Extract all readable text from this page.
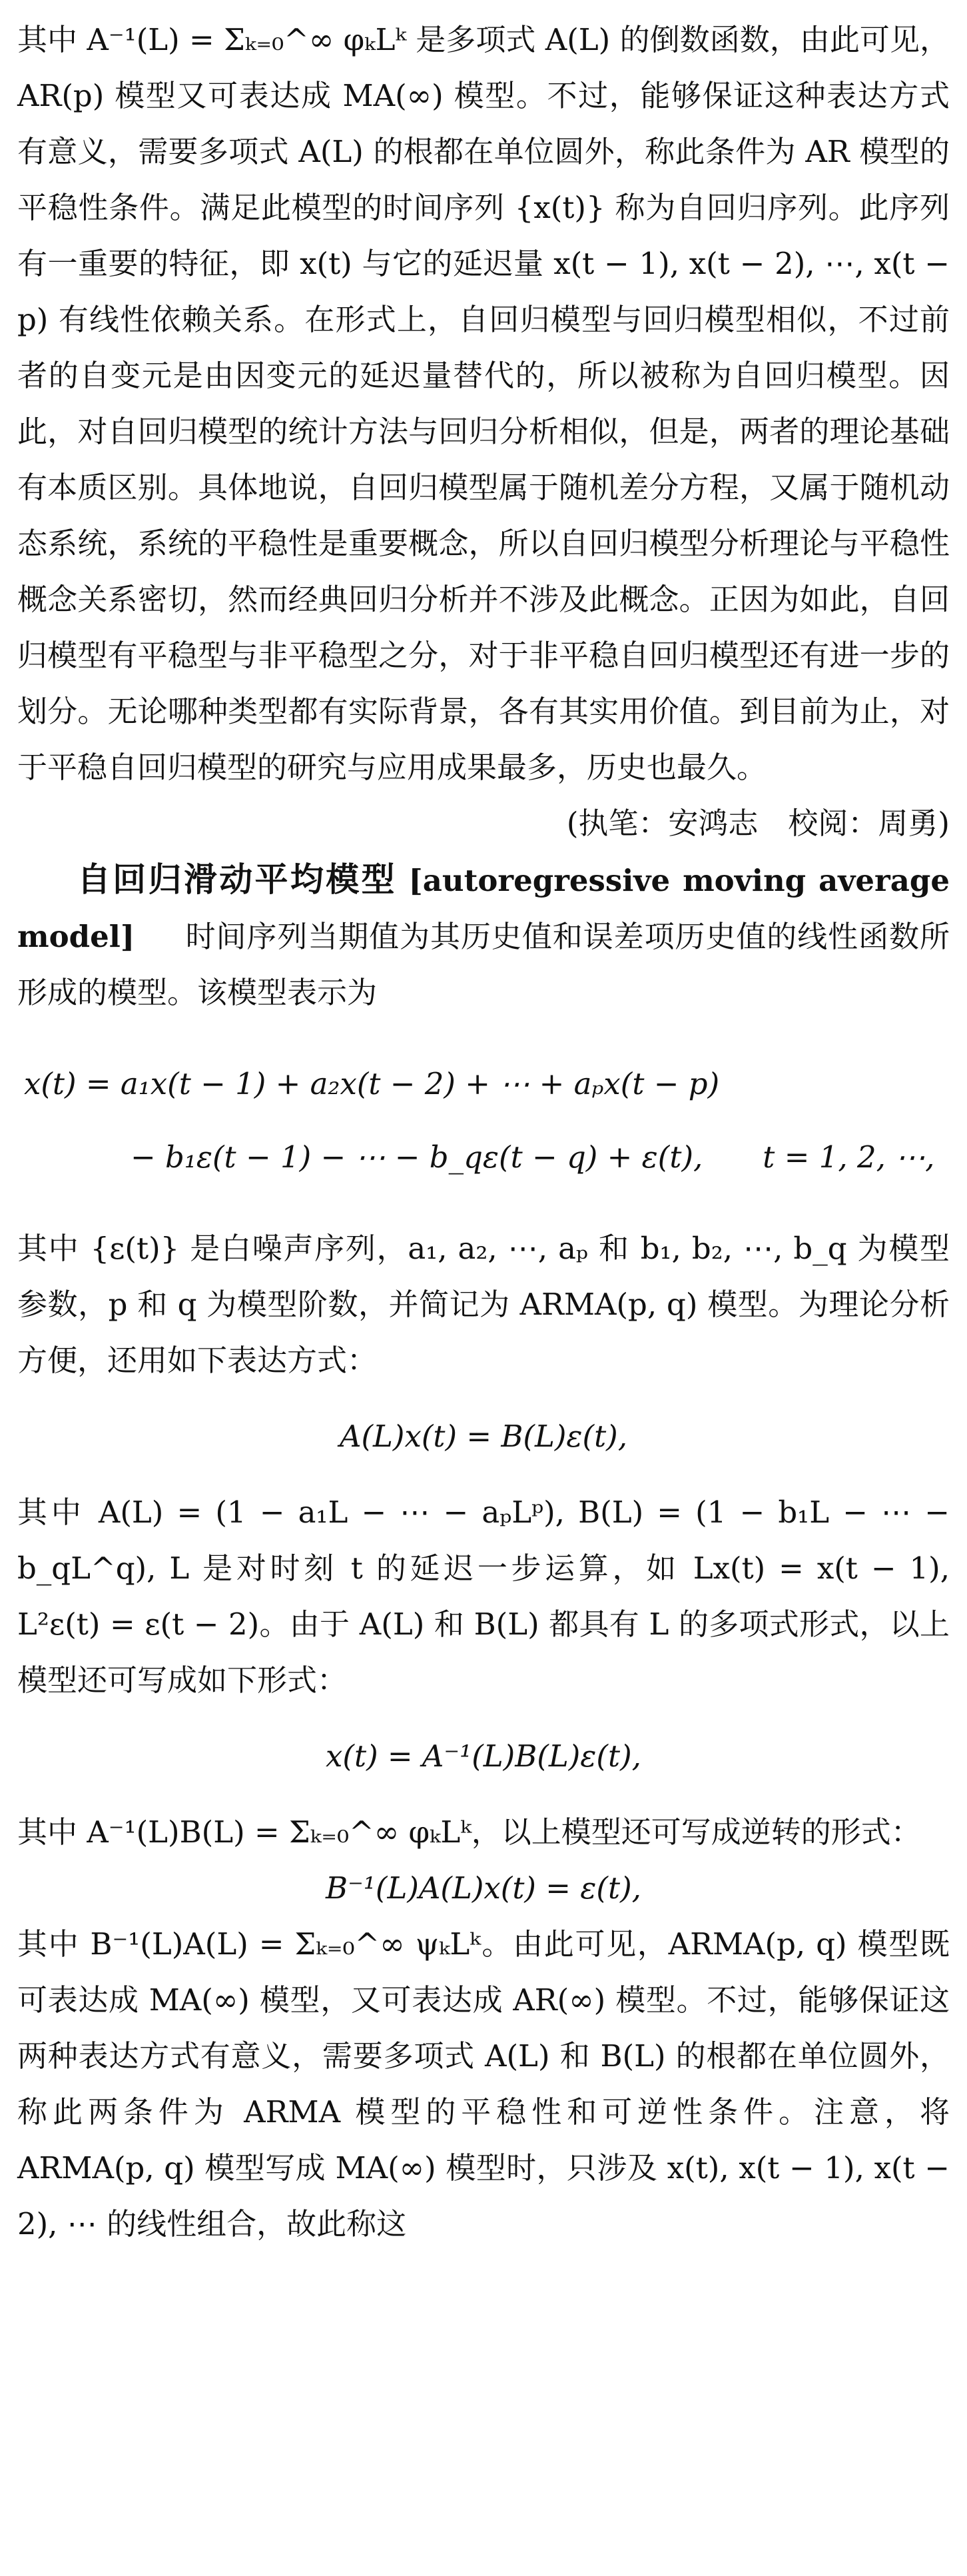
其中 A⁻¹(L) = Σₖ₌₀^∞ φₖLᵏ 是多项式 A(L) 的倒数函数，由此可见，AR(p) 模型又可表达成 MA(∞) 模型。不过，能够保证这种表达方式有意义，需要多项式 A(L) 的根都在单位圆外，称此条件为 AR 模型的平稳性条件。满足此模型的时间序列 {x(t)} 称为自回归序列。此序列有一重要的特征，即 x(t) 与它的延迟量 x(t − 1), x(t − 2), ⋯, x(t − p) 有线性依赖关系。在形式上，自回归模型与回归模型相似，不过前者的自变元是由因变元的延迟量替代的，所以被称为自回归模型。因此，对自回归模型的统计方法与回归分析相似，但是，两者的理论基础有本质区别。具体地说，自回归模型属于随机差分方程，又属于随机动态系统，系统的平稳性是重要概念，所以自回归模型分析理论与平稳性概念关系密切，然而经典回归分析并不涉及此概念。正因为如此，自回归模型有平稳型与非平稳型之分，对于非平稳自回归模型还有进一步的划分。无论哪种类型都有实际背景，各有其实用价值。到目前为止，对于平稳自回归模型的研究与应用成果最多，历史也最久。

(执笔：安鸿志　校阅：周勇)

自回归滑动平均模型 [autoregressive moving average model] 　 时间序列当期值为其历史值和误差项历史值的线性函数所形成的模型。该模型表示为

x(t) = a₁x(t − 1) + a₂x(t − 2) + ⋯ + aₚx(t − p)

− b₁ε(t − 1) − ⋯ − b_qε(t − q) + ε(t),　　t = 1, 2, ⋯,

其中 {ε(t)} 是白噪声序列，a₁, a₂, ⋯, aₚ 和 b₁, b₂, ⋯, b_q 为模型参数，p 和 q 为模型阶数，并简记为 ARMA(p, q) 模型。为理论分析方便，还用如下表达方式：

A(L)x(t) = B(L)ε(t),

其中 A(L) = (1 − a₁L − ⋯ − aₚLᵖ), B(L) = (1 − b₁L − ⋯ − b_qL^q), L 是对时刻 t 的延迟一步运算，如 Lx(t) = x(t − 1), L²ε(t) = ε(t − 2)。由于 A(L) 和 B(L) 都具有 L 的多项式形式，以上模型还可写成如下形式：

x(t) = A⁻¹(L)B(L)ε(t),

其中 A⁻¹(L)B(L) = Σₖ₌₀^∞ φₖLᵏ，以上模型还可写成逆转的形式：

B⁻¹(L)A(L)x(t) = ε(t),

其中 B⁻¹(L)A(L) = Σₖ₌₀^∞ ψₖLᵏ。由此可见，ARMA(p, q) 模型既可表达成 MA(∞) 模型，又可表达成 AR(∞) 模型。不过，能够保证这两种表达方式有意义，需要多项式 A(L) 和 B(L) 的根都在单位圆外，称此两条件为 ARMA 模型的平稳性和可逆性条件。注意，将 ARMA(p, q) 模型写成 MA(∞) 模型时，只涉及 x(t), x(t − 1), x(t − 2), ⋯ 的线性组合，故此称这
